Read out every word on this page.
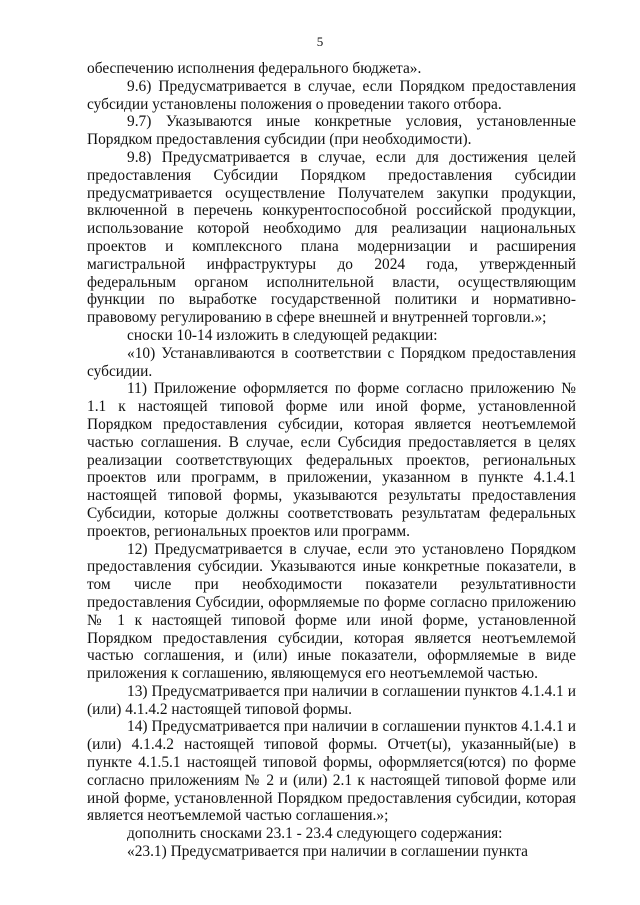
5

обеспечению исполнения федерального бюджета».

9.6) Предусматривается в случае, если Порядком предоставления субсидии установлены положения о проведении такого отбора.

9.7) Указываются иные конкретные условия, установленные Порядком предоставления субсидии (при необходимости).

9.8) Предусматривается в случае, если для достижения целей предоставления Субсидии Порядком предоставления субсидии предусматривается осуществление Получателем закупки продукции, включенной в перечень конкурентоспособной российской продукции, использование которой необходимо для реализации национальных проектов и комплексного плана модернизации и расширения магистральной инфраструктуры до 2024 года, утвержденный федеральным органом исполнительной власти, осуществляющим функции по выработке государственной политики и нормативно-правовому регулированию в сфере внешней и внутренней торговли.»;

сноски 10-14 изложить в следующей редакции:

«10) Устанавливаются в соответствии с Порядком предоставления субсидии.

11) Приложение оформляется по форме согласно приложению № 1.1 к настоящей типовой форме или иной форме, установленной Порядком предоставления субсидии, которая является неотъемлемой частью соглашения. В случае, если Субсидия предоставляется в целях реализации соответствующих федеральных проектов, региональных проектов или программ, в приложении, указанном в пункте 4.1.4.1 настоящей типовой формы, указываются результаты предоставления Субсидии, которые должны соответствовать результатам федеральных проектов, региональных проектов или программ.

12) Предусматривается в случае, если это установлено Порядком предоставления субсидии. Указываются иные конкретные показатели, в том числе при необходимости показатели результативности предоставления Субсидии, оформляемые по форме согласно приложению № 1 к настоящей типовой форме или иной форме, установленной Порядком предоставления субсидии, которая является неотъемлемой частью соглашения, и (или) иные показатели, оформляемые в виде приложения к соглашению, являющемуся его неотъемлемой частью.

13) Предусматривается при наличии в соглашении пунктов 4.1.4.1 и (или) 4.1.4.2 настоящей типовой формы.

14) Предусматривается при наличии в соглашении пунктов 4.1.4.1 и (или) 4.1.4.2 настоящей типовой формы. Отчет(ы), указанный(ые) в пункте 4.1.5.1 настоящей типовой формы, оформляется(ются) по форме согласно приложениям № 2 и (или) 2.1 к настоящей типовой форме или иной форме, установленной Порядком предоставления субсидии, которая является неотъемлемой частью соглашения.»;

дополнить сносками 23.1 - 23.4 следующего содержания:

«23.1) Предусматривается при наличии в соглашении пункта
